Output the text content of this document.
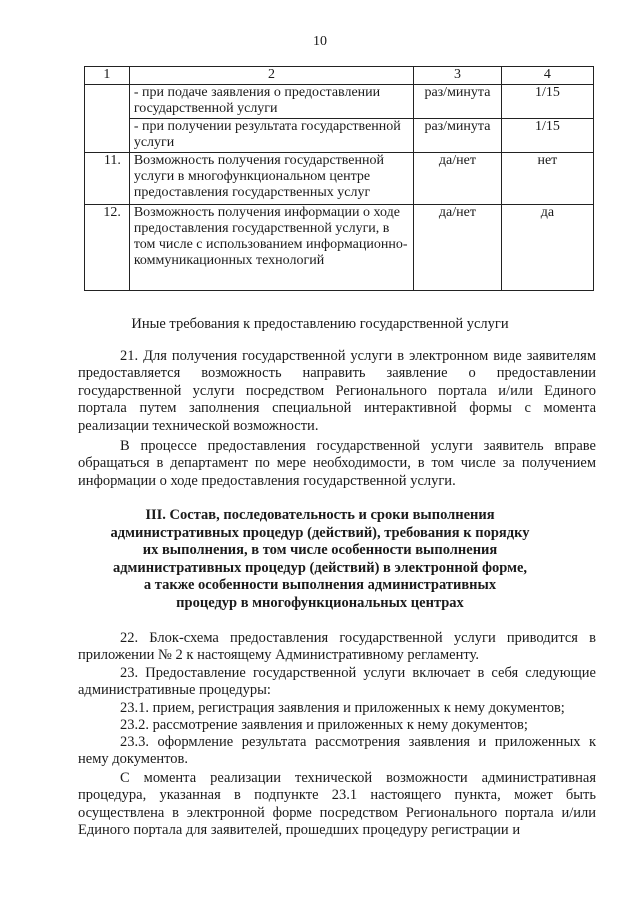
10
1	2	3	4

	- при подаче заявления о предоставлении государственной услуги	раз/минута	1/15
	- при получении результата государственной услуги	раз/минута	1/15

11.	Возможность получения государственной услуги в многофункциональном центре предоставления государственных услуг	да/нет	нет

12.	Возможность получения информации о ходе предоставления государственной услуги, в том числе с использованием информационно-коммуникационных технологий	да/нет	да
Иные требования к предоставлению государственной услуги

21. Для получения государственной услуги в электронном виде заявителям предоставляется возможность направить заявление о предоставлении государственной услуги посредством Регионального портала и/или Единого портала путем заполнения специальной интерактивной формы с момента реализации технической возможности.

В процессе предоставления государственной услуги заявитель вправе обращаться в департамент по мере необходимости, в том числе за получением информации о ходе предоставления государственной услуги.

III. Состав, последовательность и сроки выполнения
административных процедур (действий), требования к порядку
их выполнения, в том числе особенности выполнения
административных процедур (действий) в электронной форме,
а также особенности выполнения административных
процедур в многофункциональных центрах

22. Блок-схема предоставления государственной услуги приводится в приложении № 2 к настоящему Административному регламенту.

23. Предоставление государственной услуги включает в себя следующие административные процедуры:

23.1. прием, регистрация заявления и приложенных к нему документов;

23.2. рассмотрение заявления и приложенных к нему документов;

23.3. оформление результата рассмотрения заявления и приложенных к нему документов.

С момента реализации технической возможности административная процедура, указанная в подпункте 23.1 настоящего пункта, может быть осуществлена в электронной форме посредством Регионального портала и/или Единого портала для заявителей, прошедших процедуру регистрации и
